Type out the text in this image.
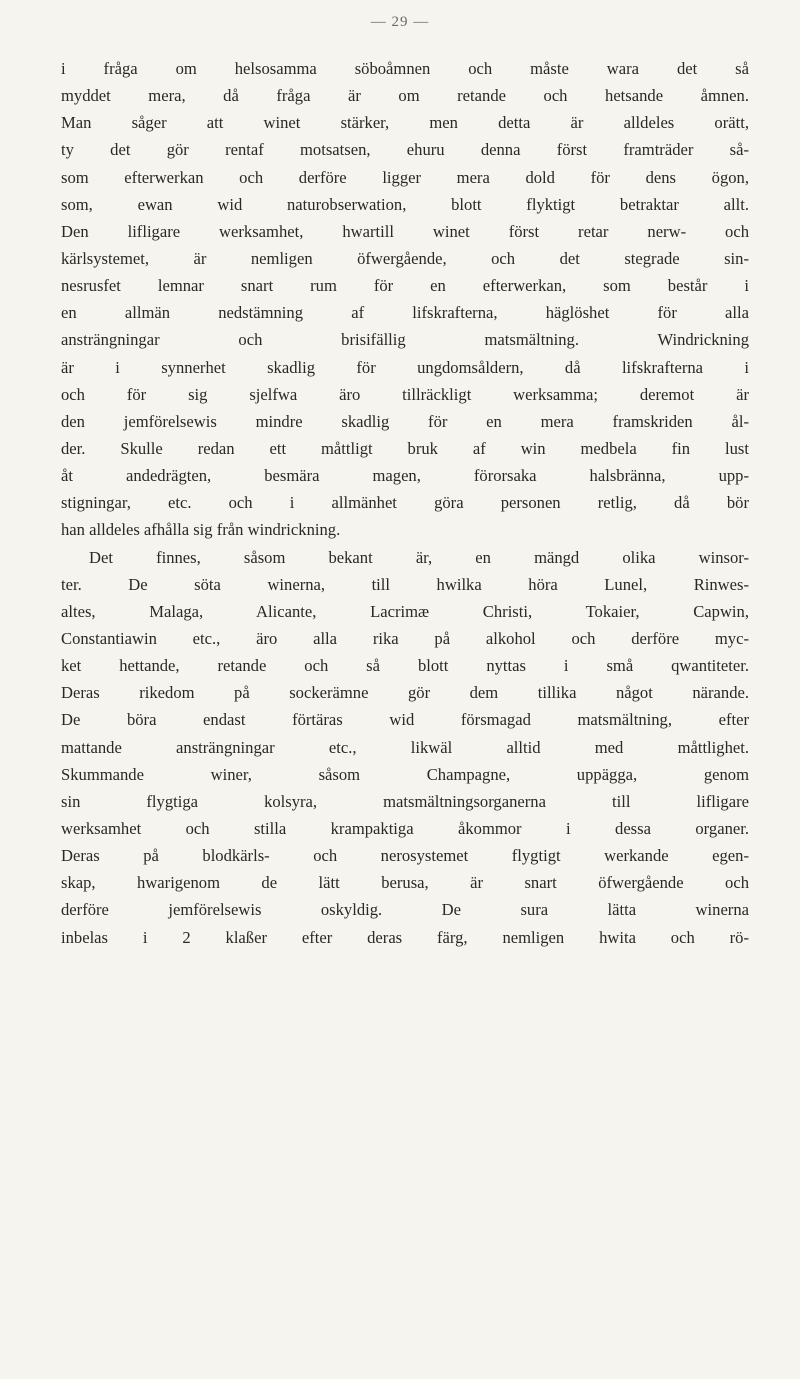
— 29 —
i fråga om helsosamma söboåmnen och måste wara det så
myddet mera, då fråga är om retande och hetsande åmnen.
Man såger att winet stärker, men detta är alldeles orätt,
ty det gör rentaf motsatsen, ehuru denna först framträder så-
som efterwerkan och derföre ligger mera dold för dens ögon,
som, ewan wid naturobserwation, blott flyktigt betraktar allt.
Den lifligare werksamhet, hwartill winet först retar nerw- och
kärlsystemet, är nemligen öfwergående, och det stegrade sin-
nesrusfet lemnar snart rum för en efterwerkan, som består i
en allmän nedstämning af lifskrafterna, häglöshet för alla
ansträngningar och brisifällig matsmältning. Windrickning
är i synnerhet skadlig för ungdomsåldern, då lifskrafterna i
och för sig sjelfwa äro tillräckligt werksamma; deremot är
den jemförelsewis mindre skadlig för en mera framskriden ål-
der. Skulle redan ett måttligt bruk af win medbela fin lust
åt andedrägten, besmära magen, förorsaka halsbränna, upp-
stigningar, etc. och i allmänhet göra personen retlig, då bör
han alldeles afhålla sig från windrickning.
Det finnes, såsom bekant är, en mängd olika winsor-
ter. De söta winerna, till hwilka höra Lunel, Rinwes-
altes, Malaga, Alicante, Lacrimæ Christi, Tokaier, Capwin,
Constantiawin etc., äro alla rika på alkohol och derföre myc-
ket hettande, retande och så blott nyttas i små qwantiteter.
Deras rikedom på sockerämne gör dem tillika något närande.
De böra endast förtäras wid försmagad matsmältning, efter
mattande ansträngningar etc., likwäl alltid med måttlighet.
Skummande winer, såsom Champagne, uppägga, genom
sin flygtiga kolsyra, matsmältningsorganerna till lifligare
werksamhet och stilla krampaktiga åkommor i dessa organer.
Deras på blodkärls- och nerosystemet flygtigt werkande egen-
skap, hwarigenom de lätt berusa, är snart öfwergående och
derföre jemförelsewis oskyldig. De sura lätta winerna
inbelas i 2 klaßer efter deras färg, nemligen hwita och rö-
